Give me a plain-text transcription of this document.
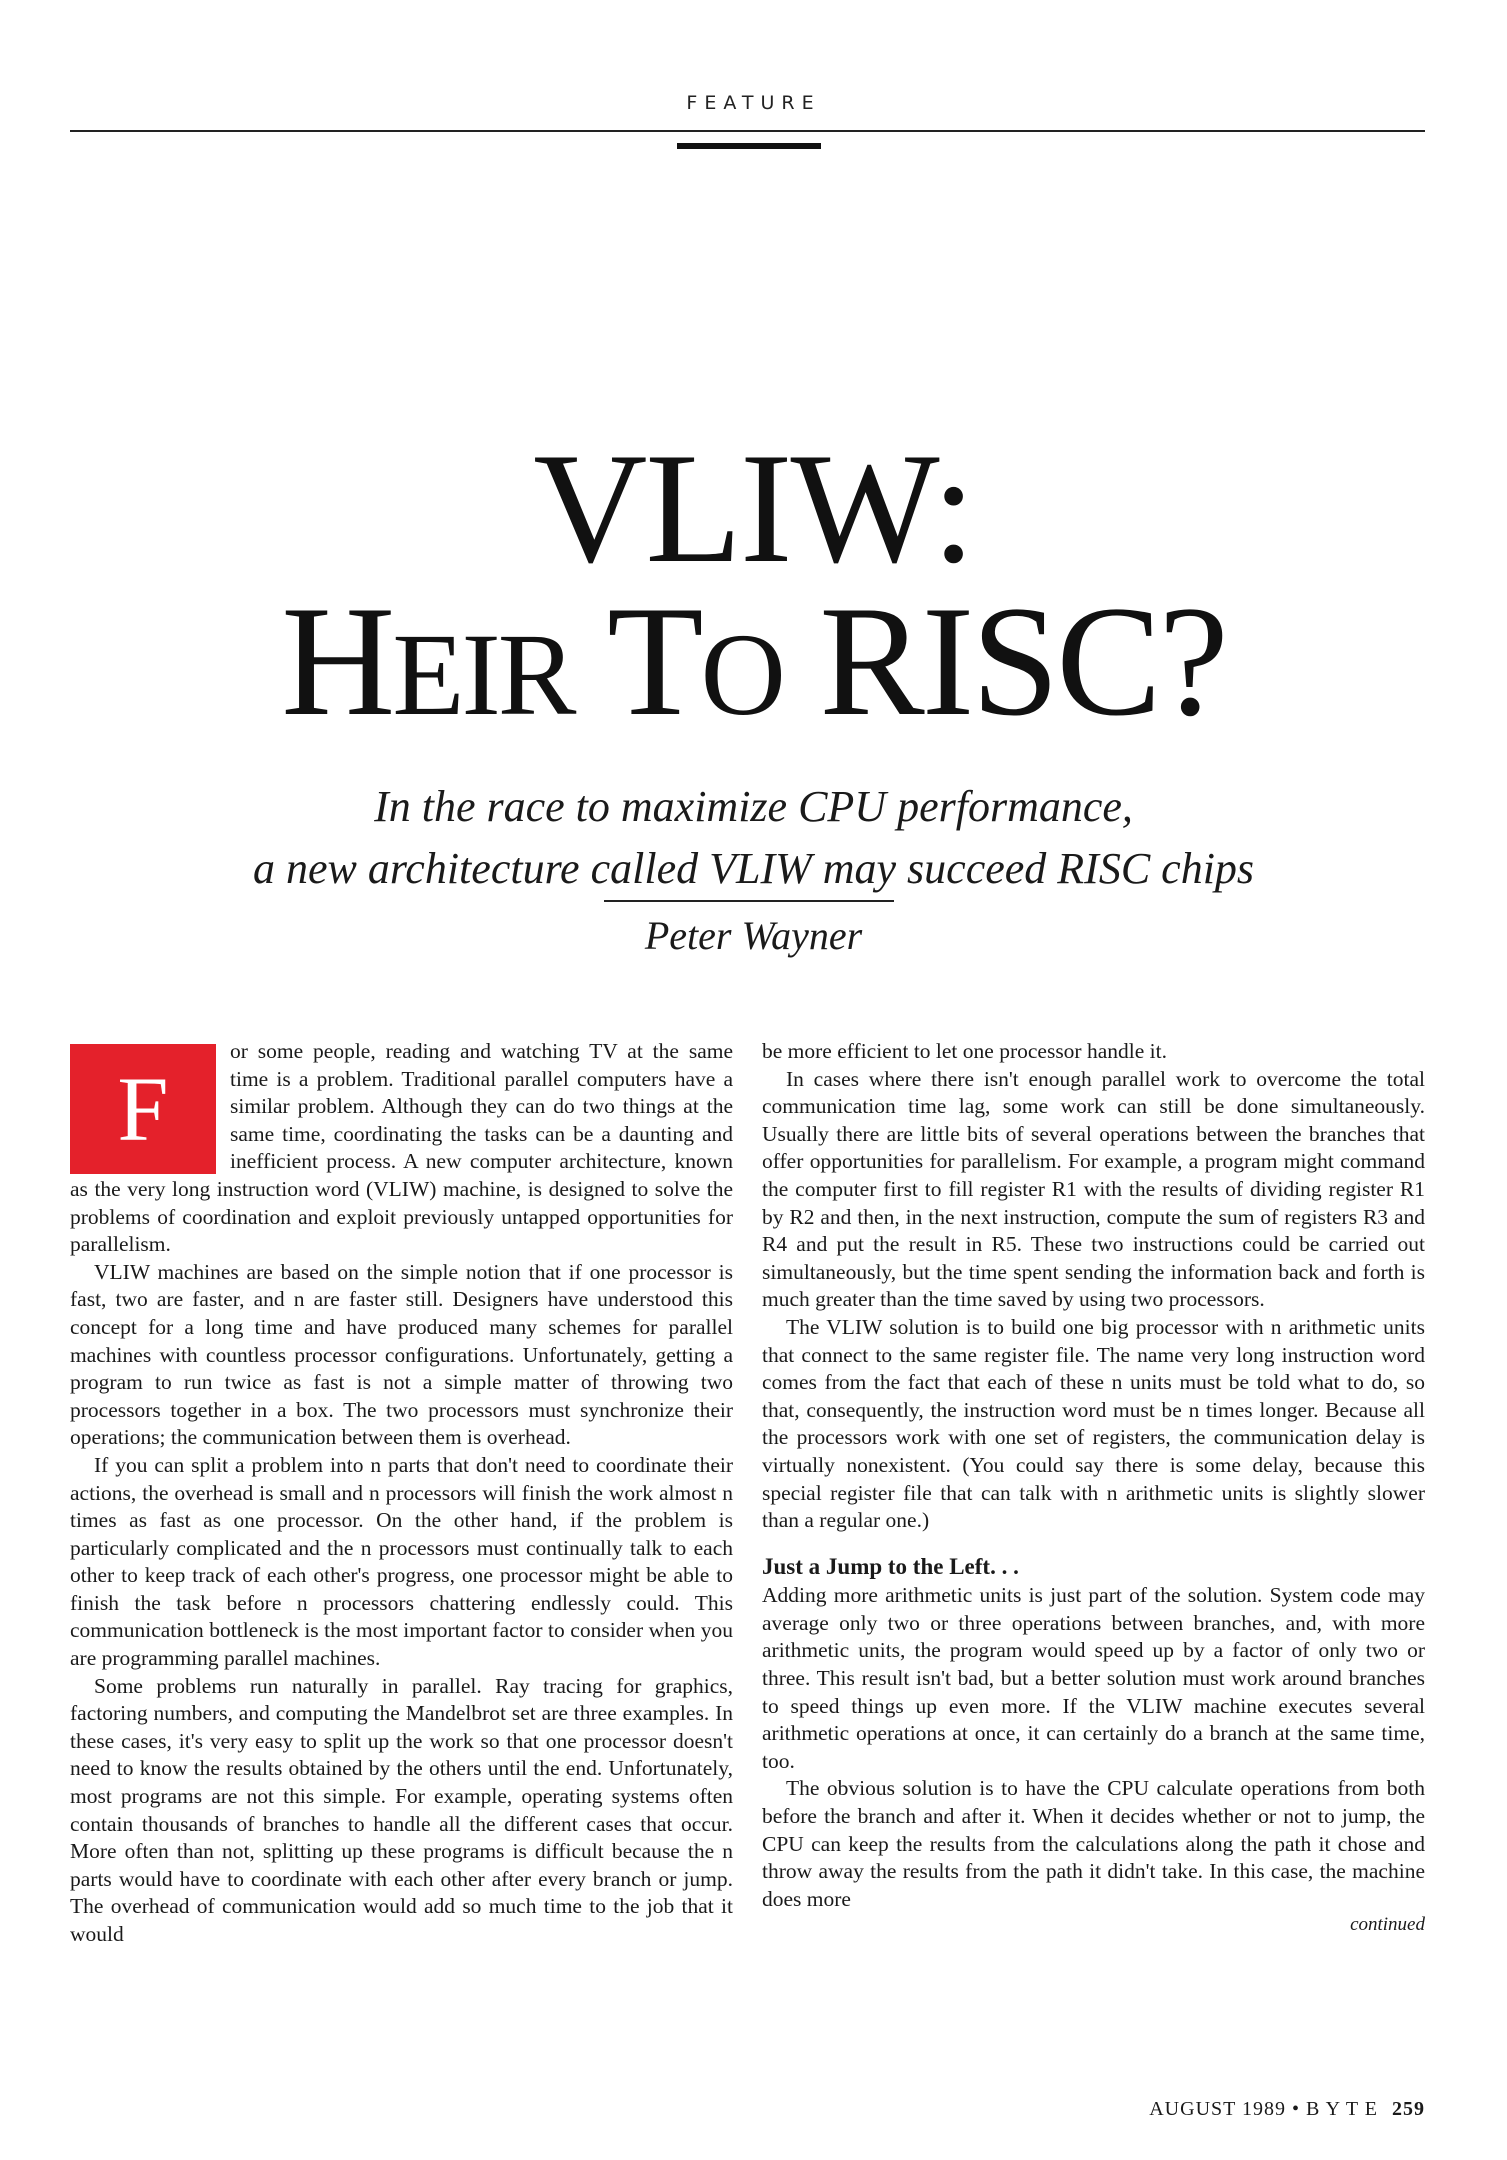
FEATURE
VLIW:
HEIR TO RISC?
In the race to maximize CPU performance,
a new architecture called VLIW may succeed RISC chips
Peter Wayner
F

or some people, reading and watching TV at the same time is a problem. Traditional parallel computers have a similar problem. Although they can do two things at the same time, coordinating the tasks can be a daunting and inefficient process. A new computer architecture, known as the very long instruction word (VLIW) machine, is designed to solve the problems of coordination and exploit previously untapped opportunities for parallelism.

VLIW machines are based on the simple notion that if one processor is fast, two are faster, and n are faster still. Designers have understood this concept for a long time and have produced many schemes for parallel machines with countless processor configurations. Unfortunately, getting a program to run twice as fast is not a simple matter of throwing two processors together in a box. The two processors must synchronize their operations; the communication between them is overhead.

If you can split a problem into n parts that don't need to coordinate their actions, the overhead is small and n processors will finish the work almost n times as fast as one processor. On the other hand, if the problem is particularly complicated and the n processors must continually talk to each other to keep track of each other's progress, one processor might be able to finish the task before n processors chattering endlessly could. This communication bottleneck is the most important factor to consider when you are programming parallel machines.

Some problems run naturally in parallel. Ray tracing for graphics, factoring numbers, and computing the Mandelbrot set are three examples. In these cases, it's very easy to split up the work so that one processor doesn't need to know the results obtained by the others until the end. Unfortunately, most programs are not this simple. For example, operating systems often contain thousands of branches to handle all the different cases that occur. More often than not, splitting up these programs is difficult because the n parts would have to coordinate with each other after every branch or jump. The overhead of communication would add so much time to the job that it would

be more efficient to let one processor handle it.

In cases where there isn't enough parallel work to overcome the total communication time lag, some work can still be done simultaneously. Usually there are little bits of several operations between the branches that offer opportunities for parallelism. For example, a program might command the computer first to fill register R1 with the results of dividing register R1 by R2 and then, in the next instruction, compute the sum of registers R3 and R4 and put the result in R5. These two instructions could be carried out simultaneously, but the time spent sending the information back and forth is much greater than the time saved by using two processors.

The VLIW solution is to build one big processor with n arithmetic units that connect to the same register file. The name very long instruction word comes from the fact that each of these n units must be told what to do, so that, consequently, the instruction word must be n times longer. Because all the processors work with one set of registers, the communication delay is virtually nonexistent. (You could say there is some delay, because this special register file that can talk with n arithmetic units is slightly slower than a regular one.)

Just a Jump to the Left. . .

Adding more arithmetic units is just part of the solution. System code may average only two or three operations between branches, and, with more arithmetic units, the program would speed up by a factor of only two or three. This result isn't bad, but a better solution must work around branches to speed things up even more. If the VLIW machine executes several arithmetic operations at once, it can certainly do a branch at the same time, too.

The obvious solution is to have the CPU calculate operations from both before the branch and after it. When it decides whether or not to jump, the CPU can keep the results from the calculations along the path it chose and throw away the results from the path it didn't take. In this case, the machine does more

continued

AUGUST 1989 • B Y T E 259
